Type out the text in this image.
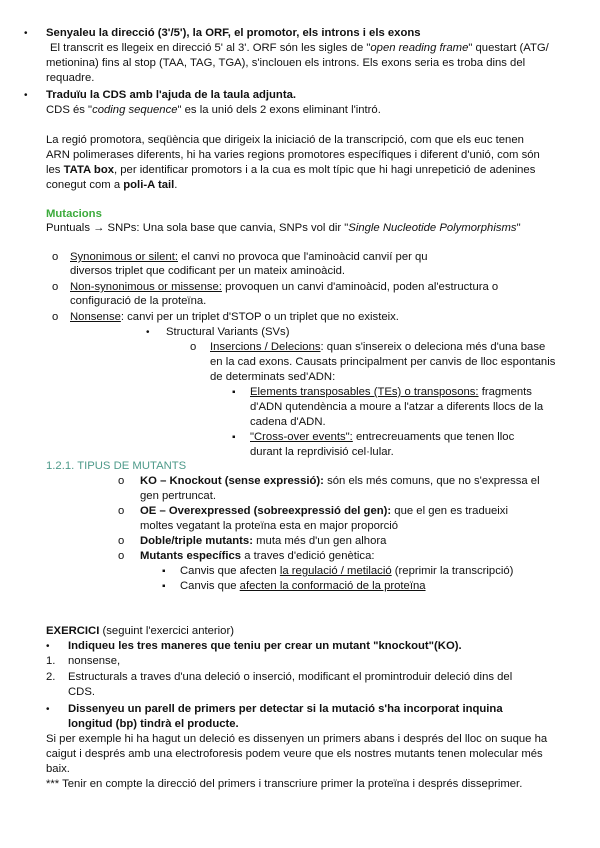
• Senyaleu la direcció (3'/5'), la ORF, el promotor, els introns i els exons
El transcrit es llegeix en direcció 5' al 3'. ORF són les sigles de "open reading frame" questart (ATG/
metionina) fins al stop (TAA, TAG, TGA), s'inclouen els introns. Els exons seria es troba dins del
requadre.
• Traduïu la CDS amb l'ajuda de la taula adjunta.
CDS és "coding sequence" es la unió dels 2 exons eliminant l'intró.
La regió promotora, seqüència que dirigeix la iniciació de la transcripció, com que els euc tenen
ARN polimerases diferents, hi ha varies regions promotores específiques i diferent d'unió, com són
les TATA box, per identificar promotors i a la cua es molt típic que hi hagi unrepetició de adenines
conegut com a poli-A tail.
Mutacions
Puntuals → SNPs: Una sola base que canvia, SNPs vol dir "Single Nucleotide Polymorphisms"
o Synonimous or silent: el canvi no provoca que l'aminoàcid canvií per qu
diversos triplet que codificant per un mateix aminoàcid.
o Non-synonimous or missense: provoquen un canvi d'aminoàcid, poden al'estructura o
configuració de la proteïna.
o Nonsense: canvi per un triplet d'STOP o un triplet que no existeix.
• Structural Variants (SVs)
o Insercions / Delecions: quan s'insereix o deleciona més d'una base
en la cad exons. Causats principalment per canvis de lloc espontanis
de determinats sed'ADN:
▪ Elements transposables (TEs) o transposons: fragments
d'ADN qutendència a moure a l'atzar a diferents llocs de la
cadena d'ADN.
▪ "Cross-over events": entrecreuaments que tenen lloc
durant la reprdivisió cel·lular.
1.2.1. TIPUS DE MUTANTS
o KO – Knockout (sense expressió): són els més comuns, que no s'expressa el
gen pertruncat.
o OE – Overexpressed (sobreexpressió del gen): que el gen es tradueixi
moltes vegatant la proteïna esta en major proporció
o Doble/triple mutants: muta més d'un gen alhora
o Mutants específics a traves d'edició genètica:
▪ Canvis que afecten la regulació / metilació (reprimir la transcripció)
▪ Canvis que afecten la conformació de la proteïna
EXERCICI (seguint l'exercici anterior)
• Indiqueu les tres maneres que teniu per crear un mutant "knockout"(KO).
1. nonsense,
2. Estructurals a traves d'una deleció o inserció, modificant el promintroduir deleció dins del
CDS.
• Dissenyeu un parell de primers per detectar si la mutació s'ha incorporat inquina
longitud (bp) tindrà el producte.
Si per exemple hi ha hagut un deleció es dissenyen un primers abans i després del lloc on suque ha
caigut i després amb una electroforesis podem veure que els nostres mutants tenen molecular més
baix.
*** Tenir en compte la direcció del primers i transcriure primer la proteïna i després disseprimer.
